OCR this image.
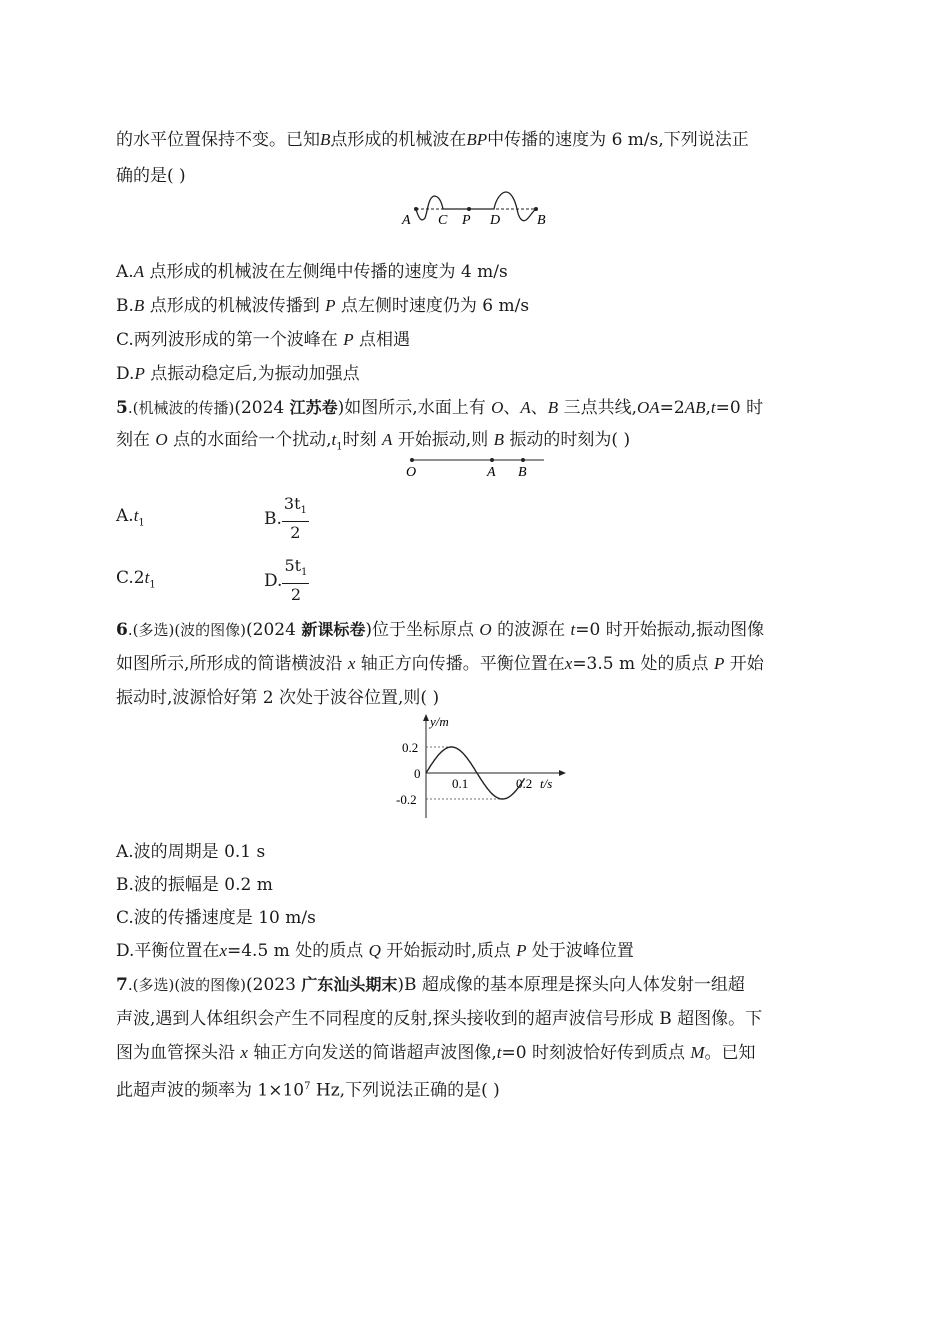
的水平位置保持不变。已知B点形成的机械波在BP中传播的速度为 6 m/s,下列说法正
确的是( )
A C P D	B
A.A 点形成的机械波在左侧绳中传播的速度为 4 m/s
B.B 点形成的机械波传播到 P 点左侧时速度仍为 6 m/s
C.两列波形成的第一个波峰在 P 点相遇
D.P 点振动稳定后,为振动加强点
5.(机械波的传播)(2024 江苏卷)如图所示,水面上有 O、A、B 三点共线,OA=2AB,t=0 时
刻在 O 点的水面给一个扰动$,t_1$时刻 A 开始振动,则 B 振动的时刻为( )
O	A B
$A.t_1$	B. $\frac{3t_1}{2}$
$C.2t_1$	D. $\frac{5t_1}{2}$
6.(多选)(波的图像)(2024 新课标卷)位于坐标原点 O 的波源在 t=0 时开始振动,振动图像
如图所示,所形成的简谐横波沿 x 轴正方向传播。平衡位置在x=3.5 m 处的质点 P 开始
振动时,波源恰好第 2 次处于波谷位置,则( )
y/m
t/s
0.2
0
-0.2
0.1	0.2
A.波的周期是 0.1 s
B.波的振幅是 0.2 m
C.波的传播速度是 10 m/s
D.平衡位置在x=4.5 m 处的质点 Q 开始振动时,质点 P 处于波峰位置
7.(多选)(波的图像)(2023 广东汕头期末)B 超成像的基本原理是探头向人体发射一组超
声波,遇到人体组织会产生不同程度的反射,探头接收到的超声波信号形成 B 超图像。下
图为血管探头沿 x 轴正方向发送的简谐超声波图像,t=0 时刻波恰好传到质点 M。已知
此超声波的频率为 $1\times 10^7$ Hz,下列说法正确的是( )
